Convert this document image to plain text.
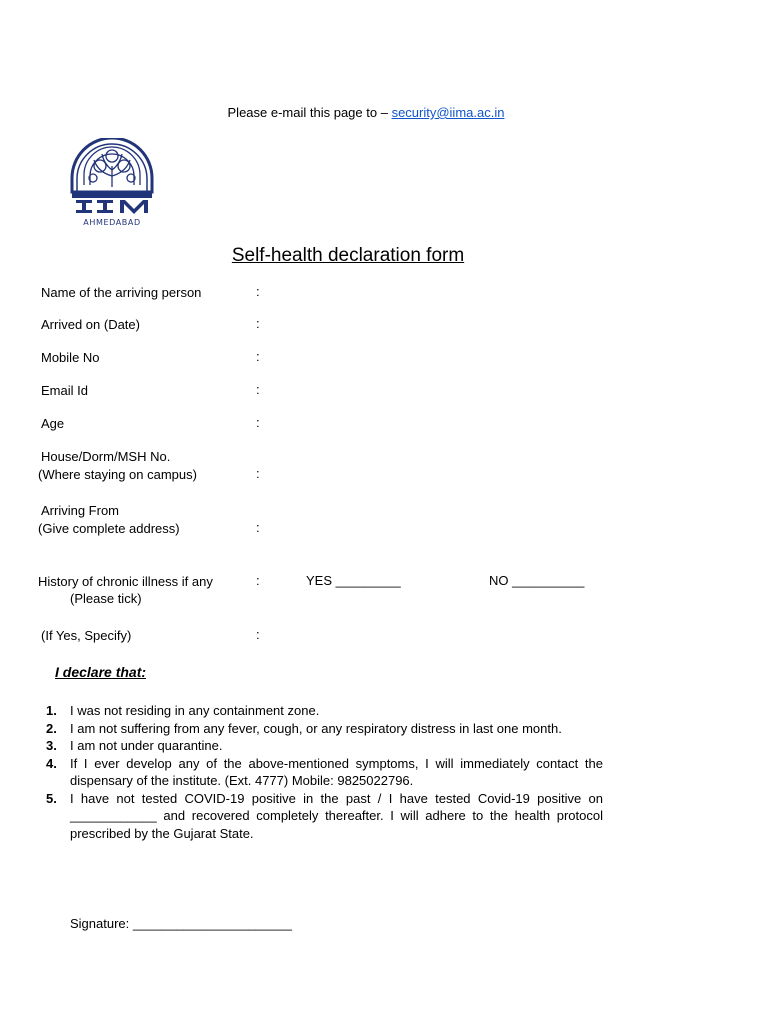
Please e-mail this page to – security@iima.ac.in
AHMEDABAD
Self-health declaration form
Name of the arriving person	:
Arrived on (Date)	:
Mobile No	:
Email Id	:
Age	:
House/Dorm/MSH No.
(Where staying on campus)	:
Arriving From
(Give complete address)	:
History of chronic illness if any	:	YES _________	NO __________
(Please tick)
(If Yes, Specify)	:
I declare that:
I was not residing in any containment zone.
I am not suffering from any fever, cough, or any respiratory distress in last one month.
I am not under quarantine.
If I ever develop any of the above-mentioned symptoms, I will immediately contact the dispensary of the institute. (Ext. 4777) Mobile: 9825022796.
I have not tested COVID-19 positive in the past / I have tested Covid-19 positive on ____________ and recovered completely thereafter. I will adhere to the health protocol prescribed by the Gujarat State.
Signature: ______________________
